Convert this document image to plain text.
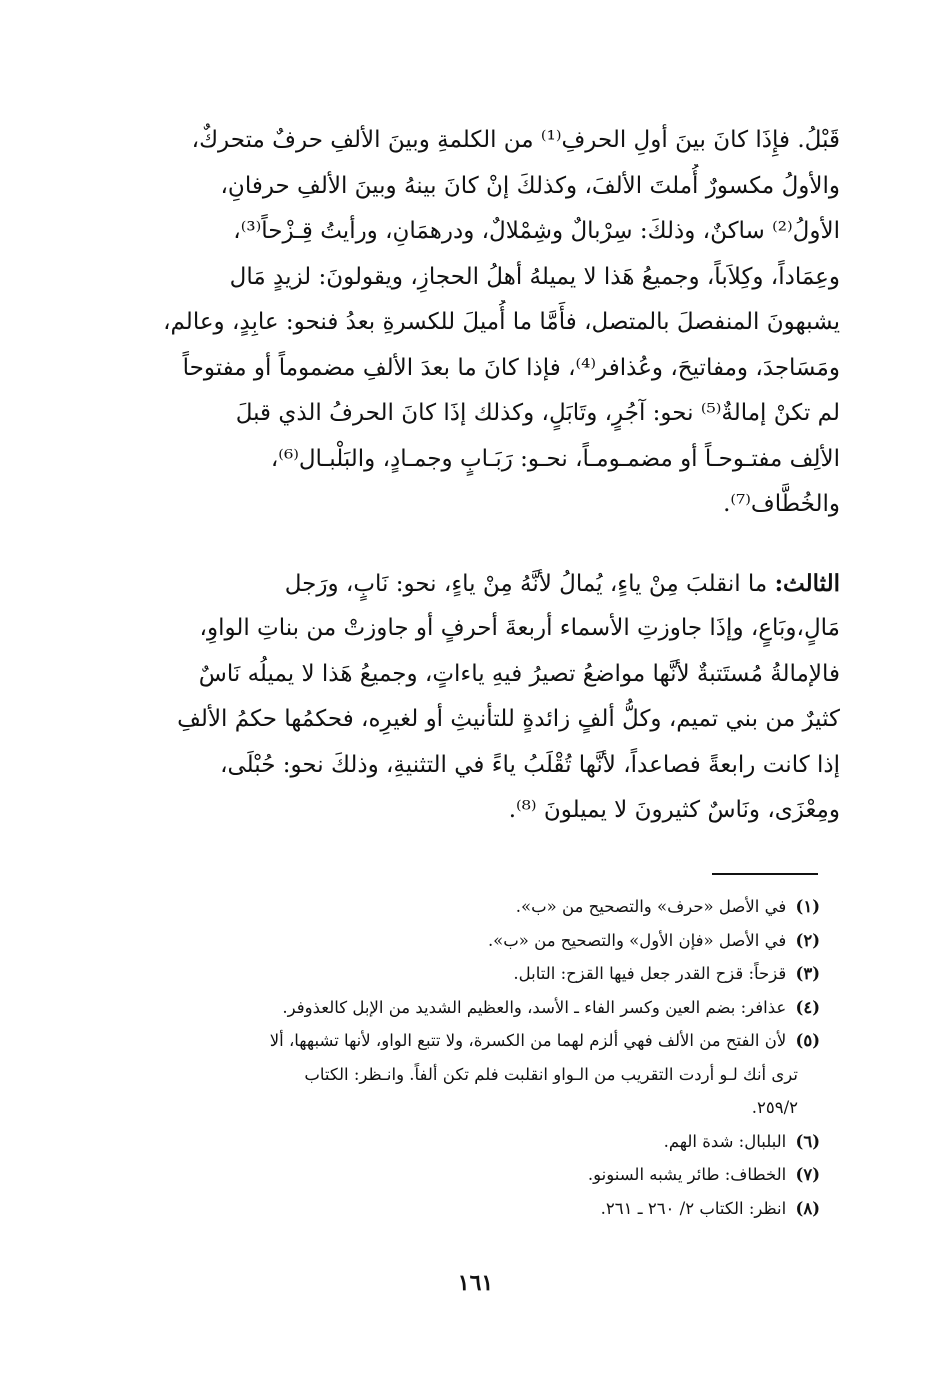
قَبْلُ. فإِذَا كانَ بينَ أولِ الحرفِ⁽¹⁾ من الكلمةِ وبينَ الألفِ حرفٌ متحركٌ،
والأولُ مكسورٌ أُملتَ الألفَ، وكذلكَ إنْ كانَ بينهُ وبينَ الألفِ حرفانِ،
الأولُ⁽²⁾ ساكنٌ، وذلكَ: سِرْبالٌ وشِمْلالٌ، ودرهمَانِ، ورأيتُ قِـزْحاً⁽³⁾،
وعِمَاداً، وكِلاَباً، وجميعُ هَذا لا يميلهُ أهلُ الحجازِ، ويقولونَ: لزيدٍ مَال
يشبهونَ المنفصلَ بالمتصل، فأَمَّا ما أُميلَ للكسرةِ بعدُ فنحو: عابِدٍ، وعالم،
ومَسَاجدَ، ومفاتيحَ، وعُذافر⁽⁴⁾، فإذا كانَ ما بعدَ الألفِ مضموماً أو مفتوحاً
لم تكنْ إمالةٌ⁽⁵⁾ نحو: آجُرٍ، وتَابَلٍ، وكذلك إذَا كانَ الحرفُ الذي قبلَ
الألِف مفتـوحـاً أو مضمـومـاً، نحـو: رَبَـابٍ وجمـادٍ، والبَلْبـال⁽⁶⁾،
والخُطَّاف⁽⁷⁾.
الثالث: ما انقلبَ مِنْ ياءٍ، يُمالُ لأنَّهُ مِنْ ياءٍ، نحو: نَابٍ، ورَجل
مَالٍ،وبَاعٍ، وإذَا جاوزتِ الأسماء أربعةَ أحرفٍ أو جاوزتْ من بناتِ الواوِ،
فالإمالةُ مُستَتبةٌ لأنَّها مواضعُ تصيرُ فيهِ ياءاتٍ، وجميعُ هَذا لا يميلُه نَاسٌ
كثيرٌ من بني تميم، وكلُّ ألفٍ زائدةٍ للتأنيثِ أو لغيرِه، فحكمُها حكمُ الألفِ
إذا كانت رابعةً فصاعداً، لأنَّها تُقْلَبُ ياءً في التثنيةِ، وذلكَ نحو: حُبْلَى،
ومِعْزَى، ونَاسٌ كثيرونَ لا يميلونَ ⁽⁸⁾.
(١) في الأصل «حرف» والتصحيح من «ب».
(٢) في الأصل «فإن الأول» والتصحيح من «ب».
(٣) قزحاً: قزح القدر جعل فيها القزح: التابل.
(٤) عذافر: بضم العين وكسر الفاء ـ الأسد، والعظيم الشديد من الإبل كالعذوفر.
(٥) لأن الفتح من الألف فهي ألزم لهما من الكسرة، ولا تتبع الواو، لأنها تشبهها، ألا
ترى أنك لـو أردت التقريب من الـواو انقلبت فلم تكن ألفاً. وانـظر: الكتاب
٢٥٩/٢.
(٦) البلبال: شدة الهم.
(٧) الخطاف: طائر يشبه السنونو.
(٨) انظر: الكتاب ٢/ ٢٦٠ ـ ٢٦١.
١٦١
